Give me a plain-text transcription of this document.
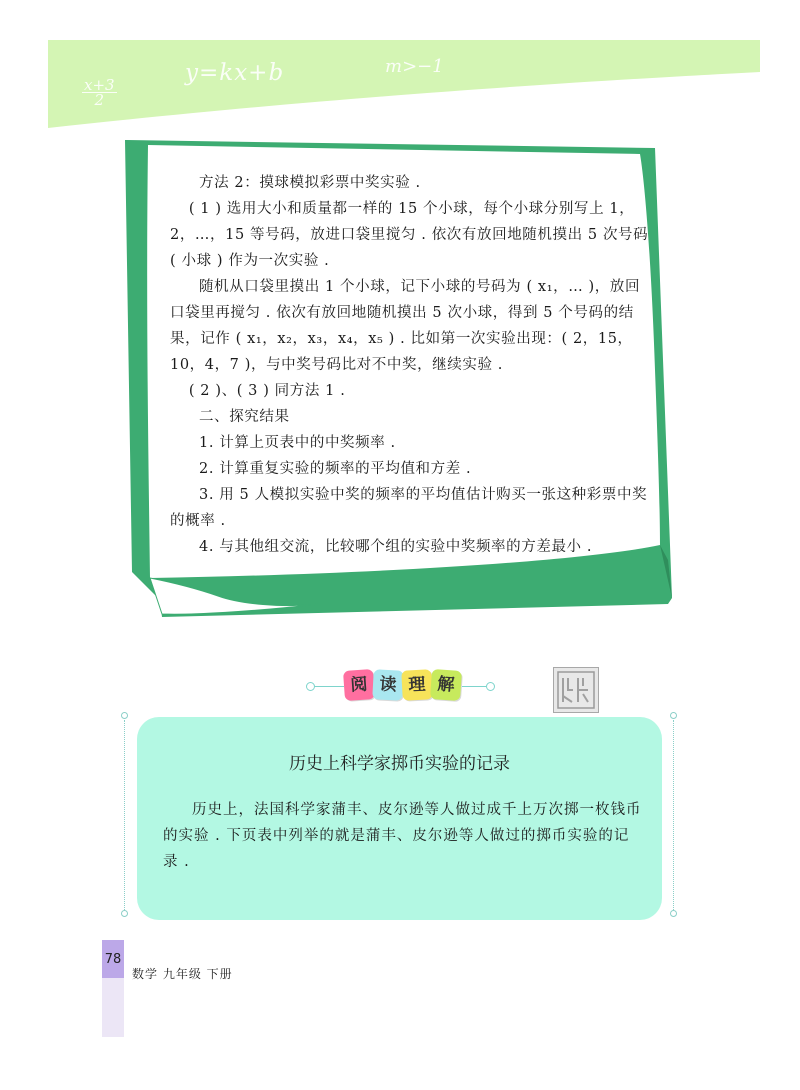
$\frac{x+3}{2}$
y=kx+b	m>−1

方法 2：摸球模拟彩票中奖实验 .

( 1 ) 选用大小和质量都一样的 15 个小球，每个小球分别写上 1，2，…，15 等号码，放进口袋里搅匀 . 依次有放回地随机摸出 5 次号码 ( 小球 ) 作为一次实验 .

随机从口袋里摸出 1 个小球，记下小球的号码为 ( x₁，… )，放回口袋里再搅匀 . 依次有放回地随机摸出 5 次小球，得到 5 个号码的结果，记作 ( x₁，x₂，x₃，x₄，x₅ ) . 比如第一次实验出现：( 2，15，10，4，7 )，与中奖号码比对不中奖，继续实验 .

( 2 )、( 3 ) 同方法 1 .

二、探究结果

1. 计算上页表中的中奖频率 .

2. 计算重复实验的频率的平均值和方差 .

3. 用 5 人模拟实验中奖的频率的平均值估计购买一张这种彩票中奖的概率 .

4. 与其他组交流，比较哪个组的实验中奖频率的方差最小 .

阅 读 理 解
历史上科学家掷币实验的记录

历史上，法国科学家蒲丰、皮尔逊等人做过成千上万次掷一枚钱币的实验 . 下页表中列举的就是蒲丰、皮尔逊等人做过的掷币实验的记录 .

78
数学 九年级 下册
